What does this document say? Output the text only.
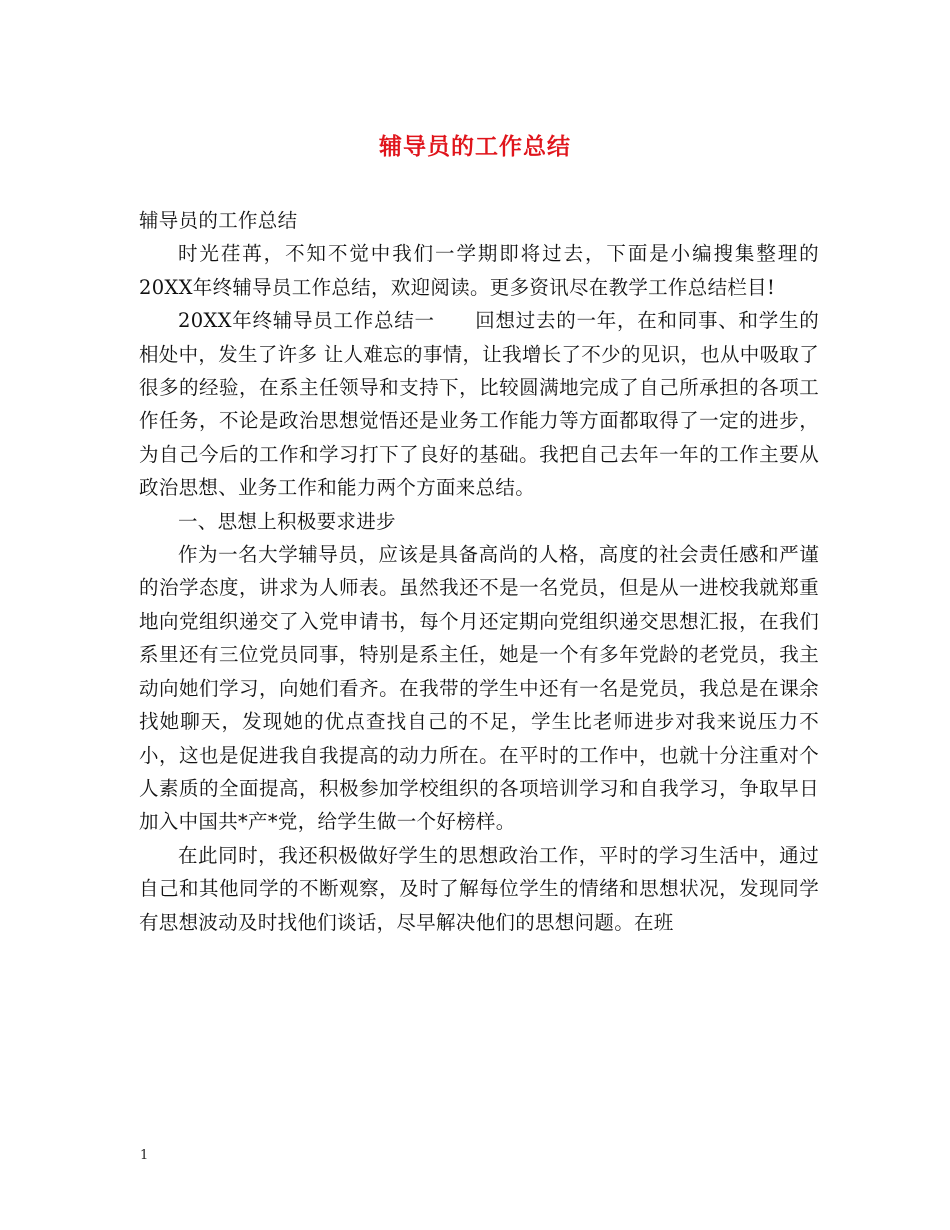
辅导员的工作总结

辅导员的工作总结

时光荏苒，不知不觉中我们一学期即将过去，下面是小编搜集整理的20XX年终辅导员工作总结，欢迎阅读。更多资讯尽在教学工作总结栏目!

20XX年终辅导员工作总结一　　回想过去的一年，在和同事、和学生的相处中，发生了许多 让人难忘的事情，让我增长了不少的见识，也从中吸取了很多的经验，在系主任领导和支持下，比较圆满地完成了自己所承担的各项工作任务，不论是政治思想觉悟还是业务工作能力等方面都取得了一定的进步，为自己今后的工作和学习打下了良好的基础。我把自己去年一年的工作主要从政治思想、业务工作和能力两个方面来总结。

一、思想上积极要求进步

作为一名大学辅导员，应该是具备高尚的人格，高度的社会责任感和严谨的治学态度，讲求为人师表。虽然我还不是一名党员，但是从一进校我就郑重地向党组织递交了入党申请书，每个月还定期向党组织递交思想汇报，在我们系里还有三位党员同事，特别是系主任，她是一个有多年党龄的老党员，我主动向她们学习，向她们看齐。在我带的学生中还有一名是党员，我总是在课余找她聊天，发现她的优点查找自己的不足，学生比老师进步对我来说压力不小，这也是促进我自我提高的动力所在。在平时的工作中，也就十分注重对个人素质的全面提高，积极参加学校组织的各项培训学习和自我学习，争取早日加入中国共*产*党，给学生做一个好榜样。

在此同时，我还积极做好学生的思想政治工作，平时的学习生活中，通过自己和其他同学的不断观察，及时了解每位学生的情绪和思想状况，发现同学有思想波动及时找他们谈话，尽早解决他们的思想问题。在班

1
